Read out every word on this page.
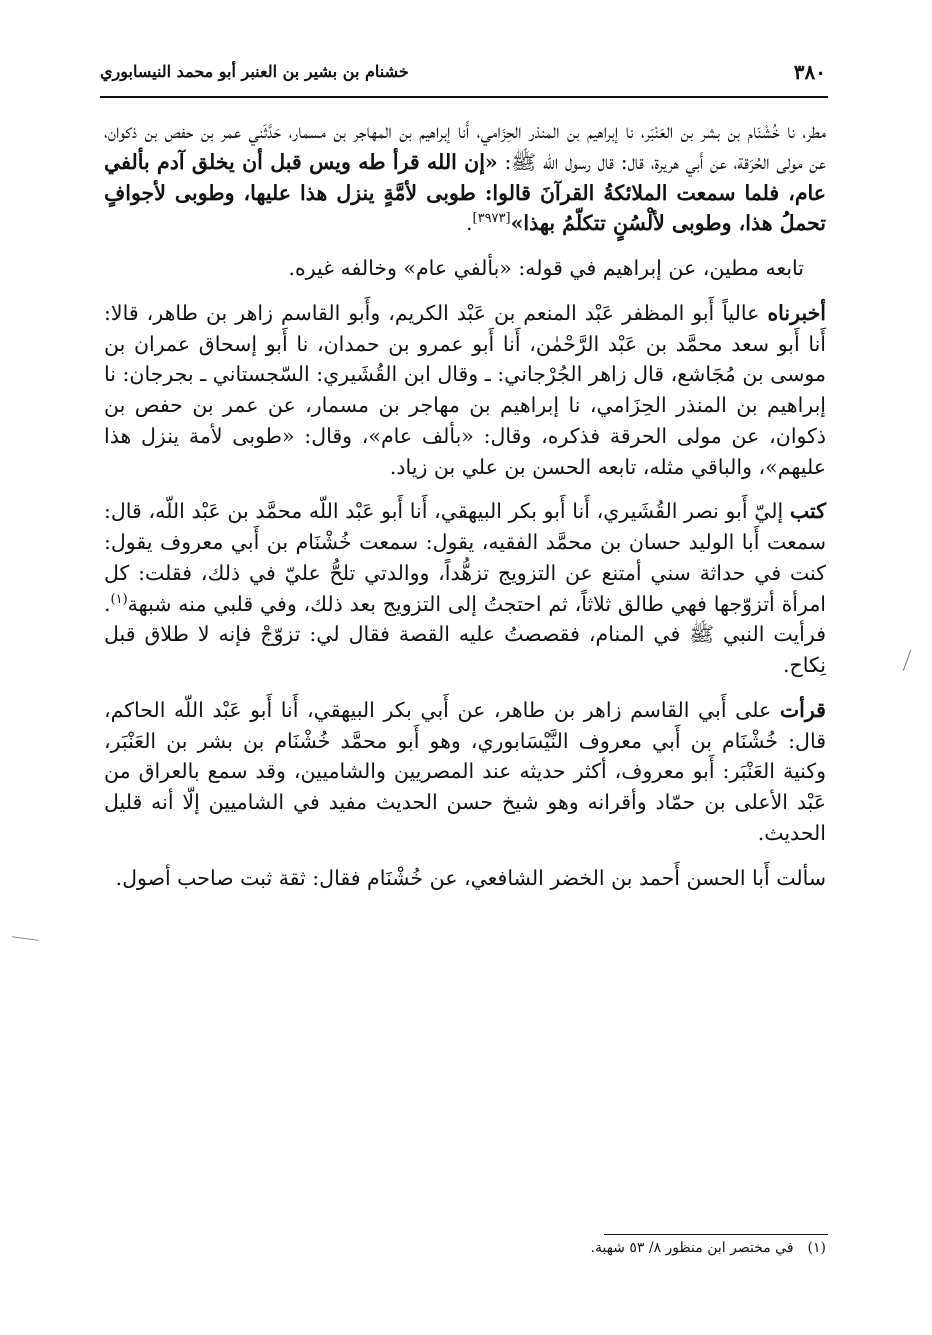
٣٨٠
خشنام بن بشير بن العنبر أبو محمد النيسابوري

مطر، نا خُشْنَام بن بشر بن العَنْبَر، نا إبراهيم بن المنذر الحِزَامي، أَنا إبراهيم بن المهاجر بن مسمار، حَدَّثَني عمر بن حفص بن ذكوان، عن مولى الحُرَقة، عن أَبي هريرة، قال: قال رسول الله ﷺ: «إن الله قرأ طه ويس قبل أن يخلق آدم بألفي عام، فلما سمعت الملائكةُ القرآنَ قالوا: طوبى لأمَّةٍ ينزل هذا عليها، وطوبى لأجوافٍ تحملُ هذا، وطوبى لألْسُنٍ تتكلّمُ بهذا»[٣٩٧٣].

تابعه مطين، عن إبراهيم في قوله: «بألفي عام» وخالفه غيره.

أخبرناه عالياً أَبو المظفر عَبْد المنعم بن عَبْد الكريم، وأَبو القاسم زاهر بن طاهر، قالا: أَنا أَبو سعد محمَّد بن عَبْد الرَّحْمٰن، أَنا أَبو عمرو بن حمدان، نا أَبو إسحاق عمران بن موسى بن مُجَاشع، قال زاهر الجُرْجاني: ـ وقال ابن القُشَيري: السّجستاني ـ بجرجان: نا إبراهيم بن المنذر الحِزَامي، نا إبراهيم بن مهاجر بن مسمار، عن عمر بن حفص بن ذكوان، عن مولى الحرقة فذكره، وقال: «بألف عام»، وقال: «طوبى لأمة ينزل هذا عليهم»، والباقي مثله، تابعه الحسن بن علي بن زياد.

كتب إليّ أَبو نصر القُشَيري، أَنا أَبو بكر البيهقي، أَنا أَبو عَبْد اللّه محمَّد بن عَبْد اللّه، قال: سمعت أَبا الوليد حسان بن محمَّد الفقيه، يقول: سمعت خُشْنَام بن أَبي معروف يقول: كنت في حداثة سني أمتنع عن التزويج تزهُّداً، ووالدتي تلحُّ عليّ في ذلك، فقلت: كل امرأة أتزوّجها فهي طالق ثلاثاً، ثم احتجتُ إلى التزويج بعد ذلك، وفي قلبي منه شبهة$^{(١)}$. فرأيت النبي ﷺ في المنام، فقصصتُ عليه القصة فقال لي: تزوّجْ فإنه لا طلاق قبل نِكاح.

قرأت على أَبي القاسم زاهر بن طاهر، عن أَبي بكر البيهقي، أَنا أَبو عَبْد اللّه الحاكم، قال: خُشْنَام بن أَبي معروف النَّيْسَابوري، وهو أَبو محمَّد خُشْنَام بن بشر بن العَنْبَر، وكنية العَنْبَر: أَبو معروف، أكثر حديثه عند المصريين والشاميين، وقد سمع بالعراق من عَبْد الأعلى بن حمّاد وأقرانه وهو شيخ حسن الحديث مفيد في الشاميين إلّا أنه قليل الحديث.

سألت أَبا الحسن أَحمد بن الخضر الشافعي، عن خُشْنَام فقال: ثقة ثبت صاحب أصول.

(١)في مختصر ابن منظور ٨/ ٥٣ شهبة.
